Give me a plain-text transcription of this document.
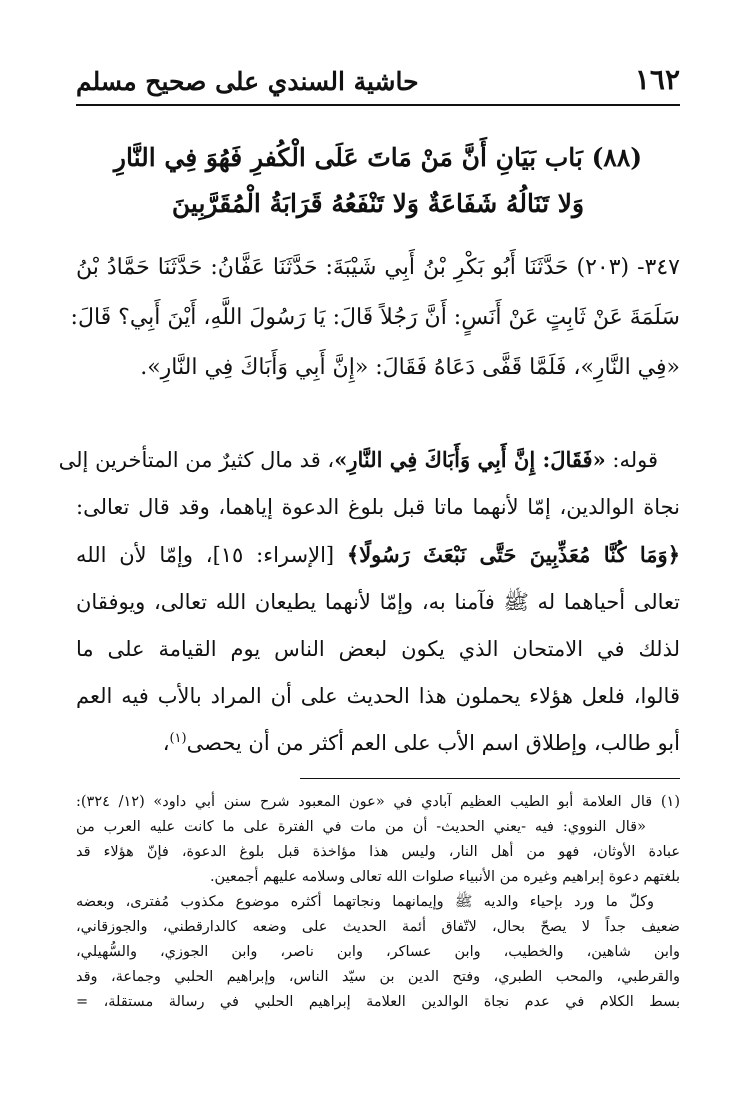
١٦٢
حاشية السندي على صحيح مسلم
(٨٨) بَاب بَيَانِ أَنَّ مَنْ مَاتَ عَلَى الْكُفرِ فَهُوَ فِي النَّارِ
وَلا تَنَالُهُ شَفَاعَةٌ وَلا تَنْفَعُهُ قَرَابَةُ الْمُقَرَّبِينَ
٣٤٧- (٢٠٣) حَدَّثَنَا أَبُو بَكْرِ بْنُ أَبِي شَيْبَةَ: حَدَّثَنَا عَفَّانُ: حَدَّثَنَا حَمَّادُ بْنُ
سَلَمَةَ عَنْ ثَابِتٍ عَنْ أَنَسٍ: أَنَّ رَجُلاً قَالَ: يَا رَسُولَ اللَّهِ، أَيْنَ أَبِي؟ قَالَ:
«فِي النَّارِ»، فَلَمَّا قَفَّى دَعَاهُ فَقَالَ: «إِنَّ أَبِي وَأَبَاكَ فِي النَّارِ».
قوله: «فَقَالَ: إِنَّ أَبِي وَأَبَاكَ فِي النَّارِ»، قد مال كثيرٌ من المتأخرين إلى
نجاة الوالدين، إمّا لأنهما ماتا قبل بلوغ الدعوة إياهما، وقد قال تعالى:
﴿وَمَا كُنَّا مُعَذِّبِينَ حَتَّى نَبْعَثَ رَسُولًا﴾ [الإسراء: ١٥]، وإمّا لأن الله
تعالى أحياهما له ﷺ فآمنا به، وإمّا لأنهما يطيعان الله تعالى، ويوفقان
لذلك في الامتحان الذي يكون لبعض الناس يوم القيامة على ما
قالوا، فلعل هؤلاء يحملون هذا الحديث على أن المراد بالأب فيه العم
أبو طالب، وإطلاق اسم الأب على العم أكثر من أن يحصى$^{(١)}$،
(١) قال العلامة أبو الطيب العظيم آبادي في «عون المعبود شرح سنن أبي داود» (١٢/ ٣٢٤):
«قال النووي: فيه -يعني الحديث- أن من مات في الفترة على ما كانت عليه العرب من
عبادة الأوثان، فهو من أهل النار، وليس هذا مؤاخذة قبل بلوغ الدعوة، فإنّ هؤلاء قد
بلغتهم دعوة إبراهيم وغيره من الأنبياء صلوات الله تعالى وسلامه عليهم أجمعين.
وكلّ ما ورد بإحياء والديه ﷺ وإيمانهما ونجاتهما أكثره موضوع مكذوب مُفترى، وبعضه
ضعيف جداً لا يصحّ بحال، لاتّفاق أئمة الحديث على وضعه كالدارقطني، والجوزقاني،
وابن شاهين، والخطيب، وابن عساكر، وابن ناصر، وابن الجوزي، والسُّهيلي،
والقرطبي، والمحب الطبري، وفتح الدين بن سيّد الناس، وإبراهيم الحلبي وجماعة، وقد
بسط الكلام في عدم نجاة الوالدين العلامة إبراهيم الحلبي في رسالة مستقلة، =
